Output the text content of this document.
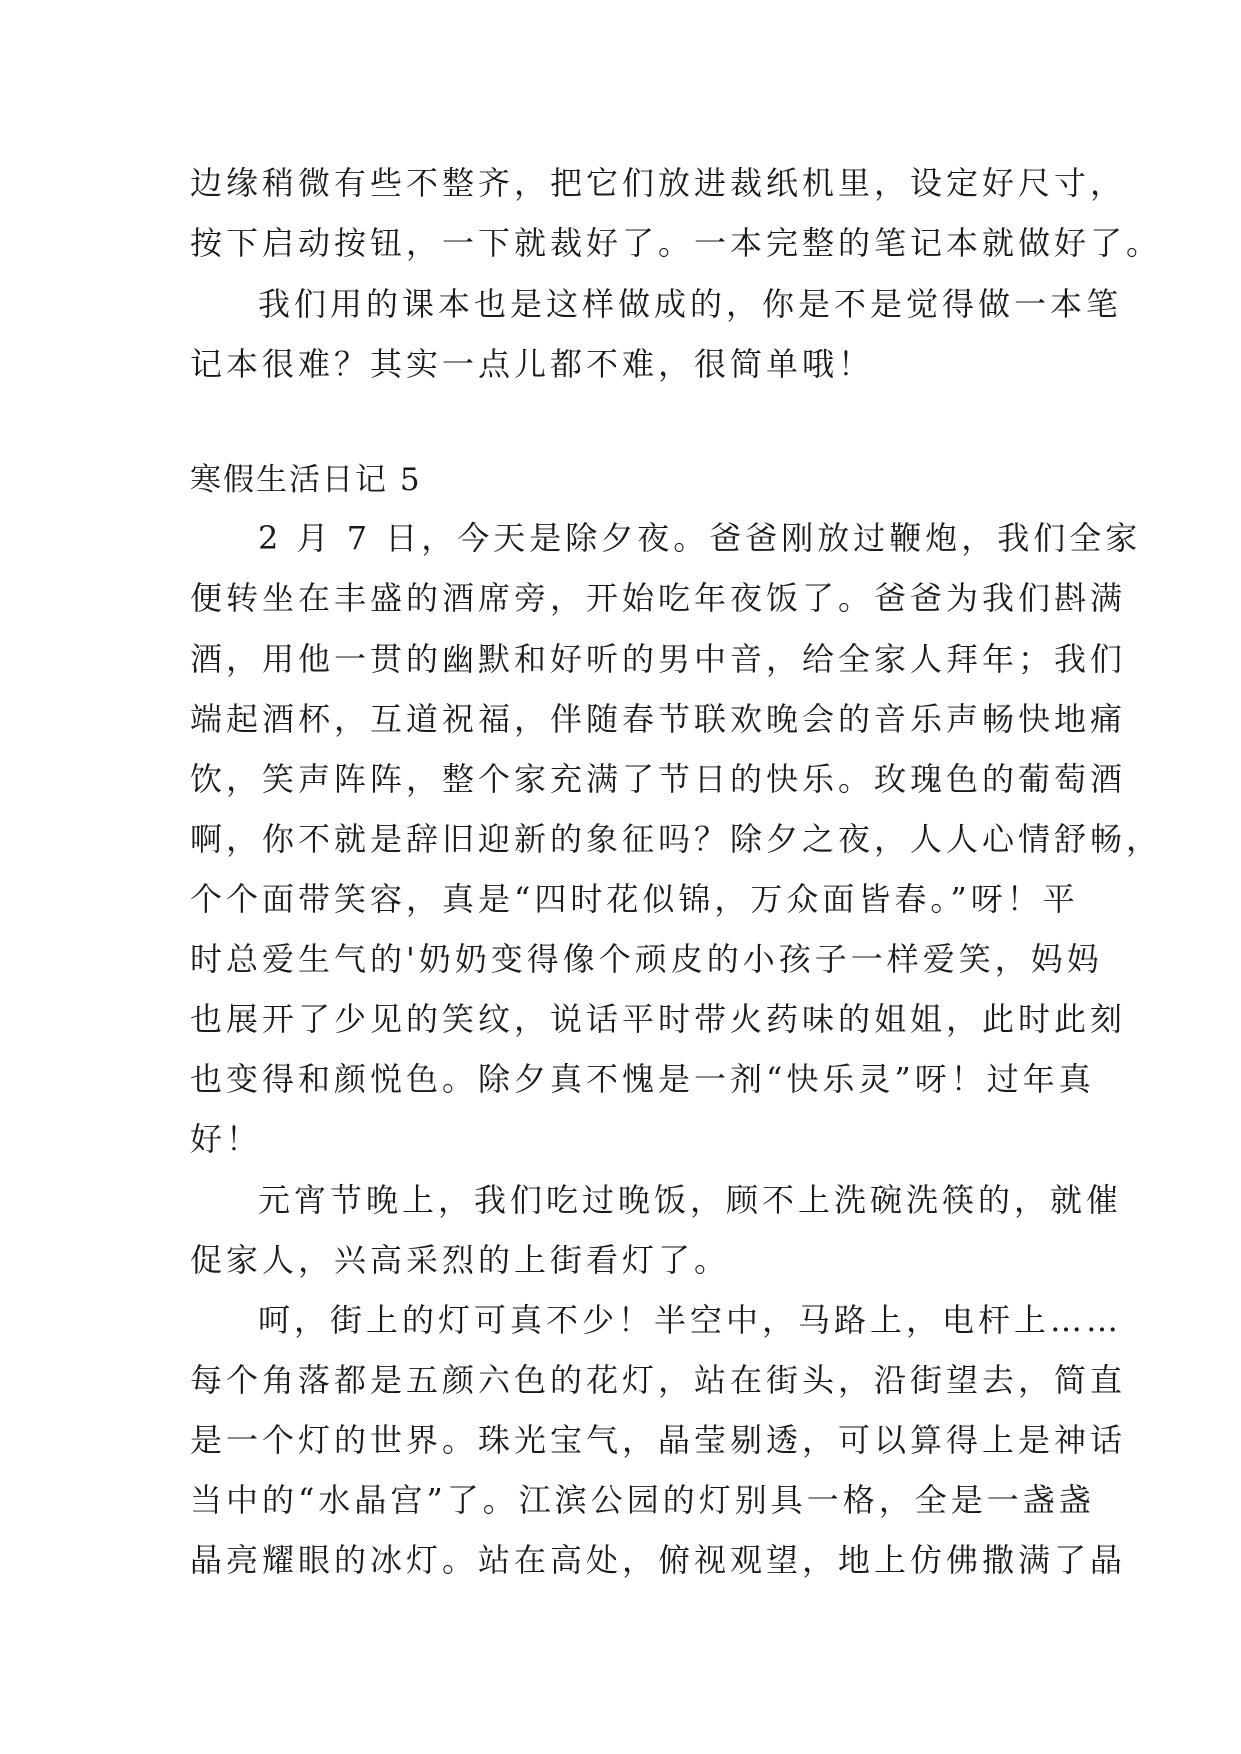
边缘稍微有些不整齐，把它们放进裁纸机里，设定好尺寸，
按下启动按钮，一下就裁好了。一本完整的笔记本就做好了。
我们用的课本也是这样做成的，你是不是觉得做一本笔
记本很难？其实一点儿都不难，很简单哦！
寒假生活日记 5
2 月 7 日，今天是除夕夜。爸爸刚放过鞭炮，我们全家
便转坐在丰盛的酒席旁，开始吃年夜饭了。爸爸为我们斟满
酒，用他一贯的幽默和好听的男中音，给全家人拜年；我们
端起酒杯，互道祝福，伴随春节联欢晚会的音乐声畅快地痛
饮，笑声阵阵，整个家充满了节日的快乐。玫瑰色的葡萄酒
啊，你不就是辞旧迎新的象征吗？除夕之夜，人人心情舒畅，
个个面带笑容，真是“四时花似锦，万众面皆春。”呀！平
时总爱生气的'奶奶变得像个顽皮的小孩子一样爱笑，妈妈
也展开了少见的笑纹，说话平时带火药味的姐姐，此时此刻
也变得和颜悦色。除夕真不愧是一剂“快乐灵”呀！过年真
好！
元宵节晚上，我们吃过晚饭，顾不上洗碗洗筷的，就催
促家人，兴高采烈的上街看灯了。
呵，街上的灯可真不少！半空中，马路上，电杆上……
每个角落都是五颜六色的花灯，站在街头，沿街望去，简直
是一个灯的世界。珠光宝气，晶莹剔透，可以算得上是神话
当中的“水晶宫”了。江滨公园的灯别具一格，全是一盏盏
晶亮耀眼的冰灯。站在高处，俯视观望，地上仿佛撒满了晶
